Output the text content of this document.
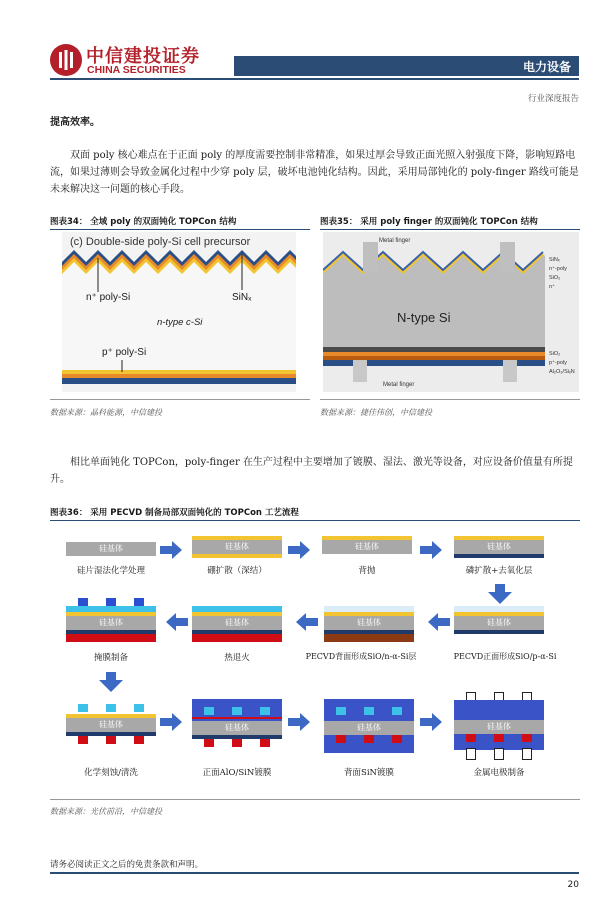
中信建投证券
CHINA SECURITIES	电力设备
行业深度报告
提高效率。
双面 poly 核心难点在于正面 poly 的厚度需要控制非常精准，如果过厚会导致正面光照入射强度下降，影响短路电流，如果过薄则会导致金属化过程中少穿 poly 层，破坏电池钝化结构。因此，采用局部钝化的 poly-finger 路线可能是未来解决这一问题的核心手段。
图表34： 全域 poly 的双面钝化 TOPCon 结构	图表35： 采用 poly finger 的双面钝化 TOPCon 结构
(c) Double-side poly-Si cell precursor
n⁺ poly-Si	SiNₓ
n-type c-Si
p⁺ poly-Si
Metal finger
N-type Si
Metal finger
SiNₓ
n⁺-poly
SiO₂
n⁺
SiO₂
p⁺-poly
Al₂O₃/SiₓN
数据来源：晶科能源，中信建投	数据来源：捷佳伟创，中信建投
相比单面钝化 TOPCon，poly-finger 在生产过程中主要增加了镀膜、湿法、激光等设备，对应设备价值量有所提升。
图表36： 采用 PECVD 制备局部双面钝化的 TOPCon 工艺流程
硅基体
硅片湿法化学处理
硅基体
硼扩散（深结）
硅基体
背抛
硅基体
磷扩散+去氧化层
硅基体
PECVD正面形成SiO/p-α-Si
硅基体
PECVD背面形成SiO/n-α-Si层
硅基体
热退火
硅基体
掩膜制备
硅基体
化学刻蚀/清洗
硅基体
正面AlO/SiN镀膜
硅基体
背面SiN镀膜
硅基体
金属电极制备
数据来源：光伏前沿，中信建投
请务必阅读正文之后的免责条款和声明。
20
